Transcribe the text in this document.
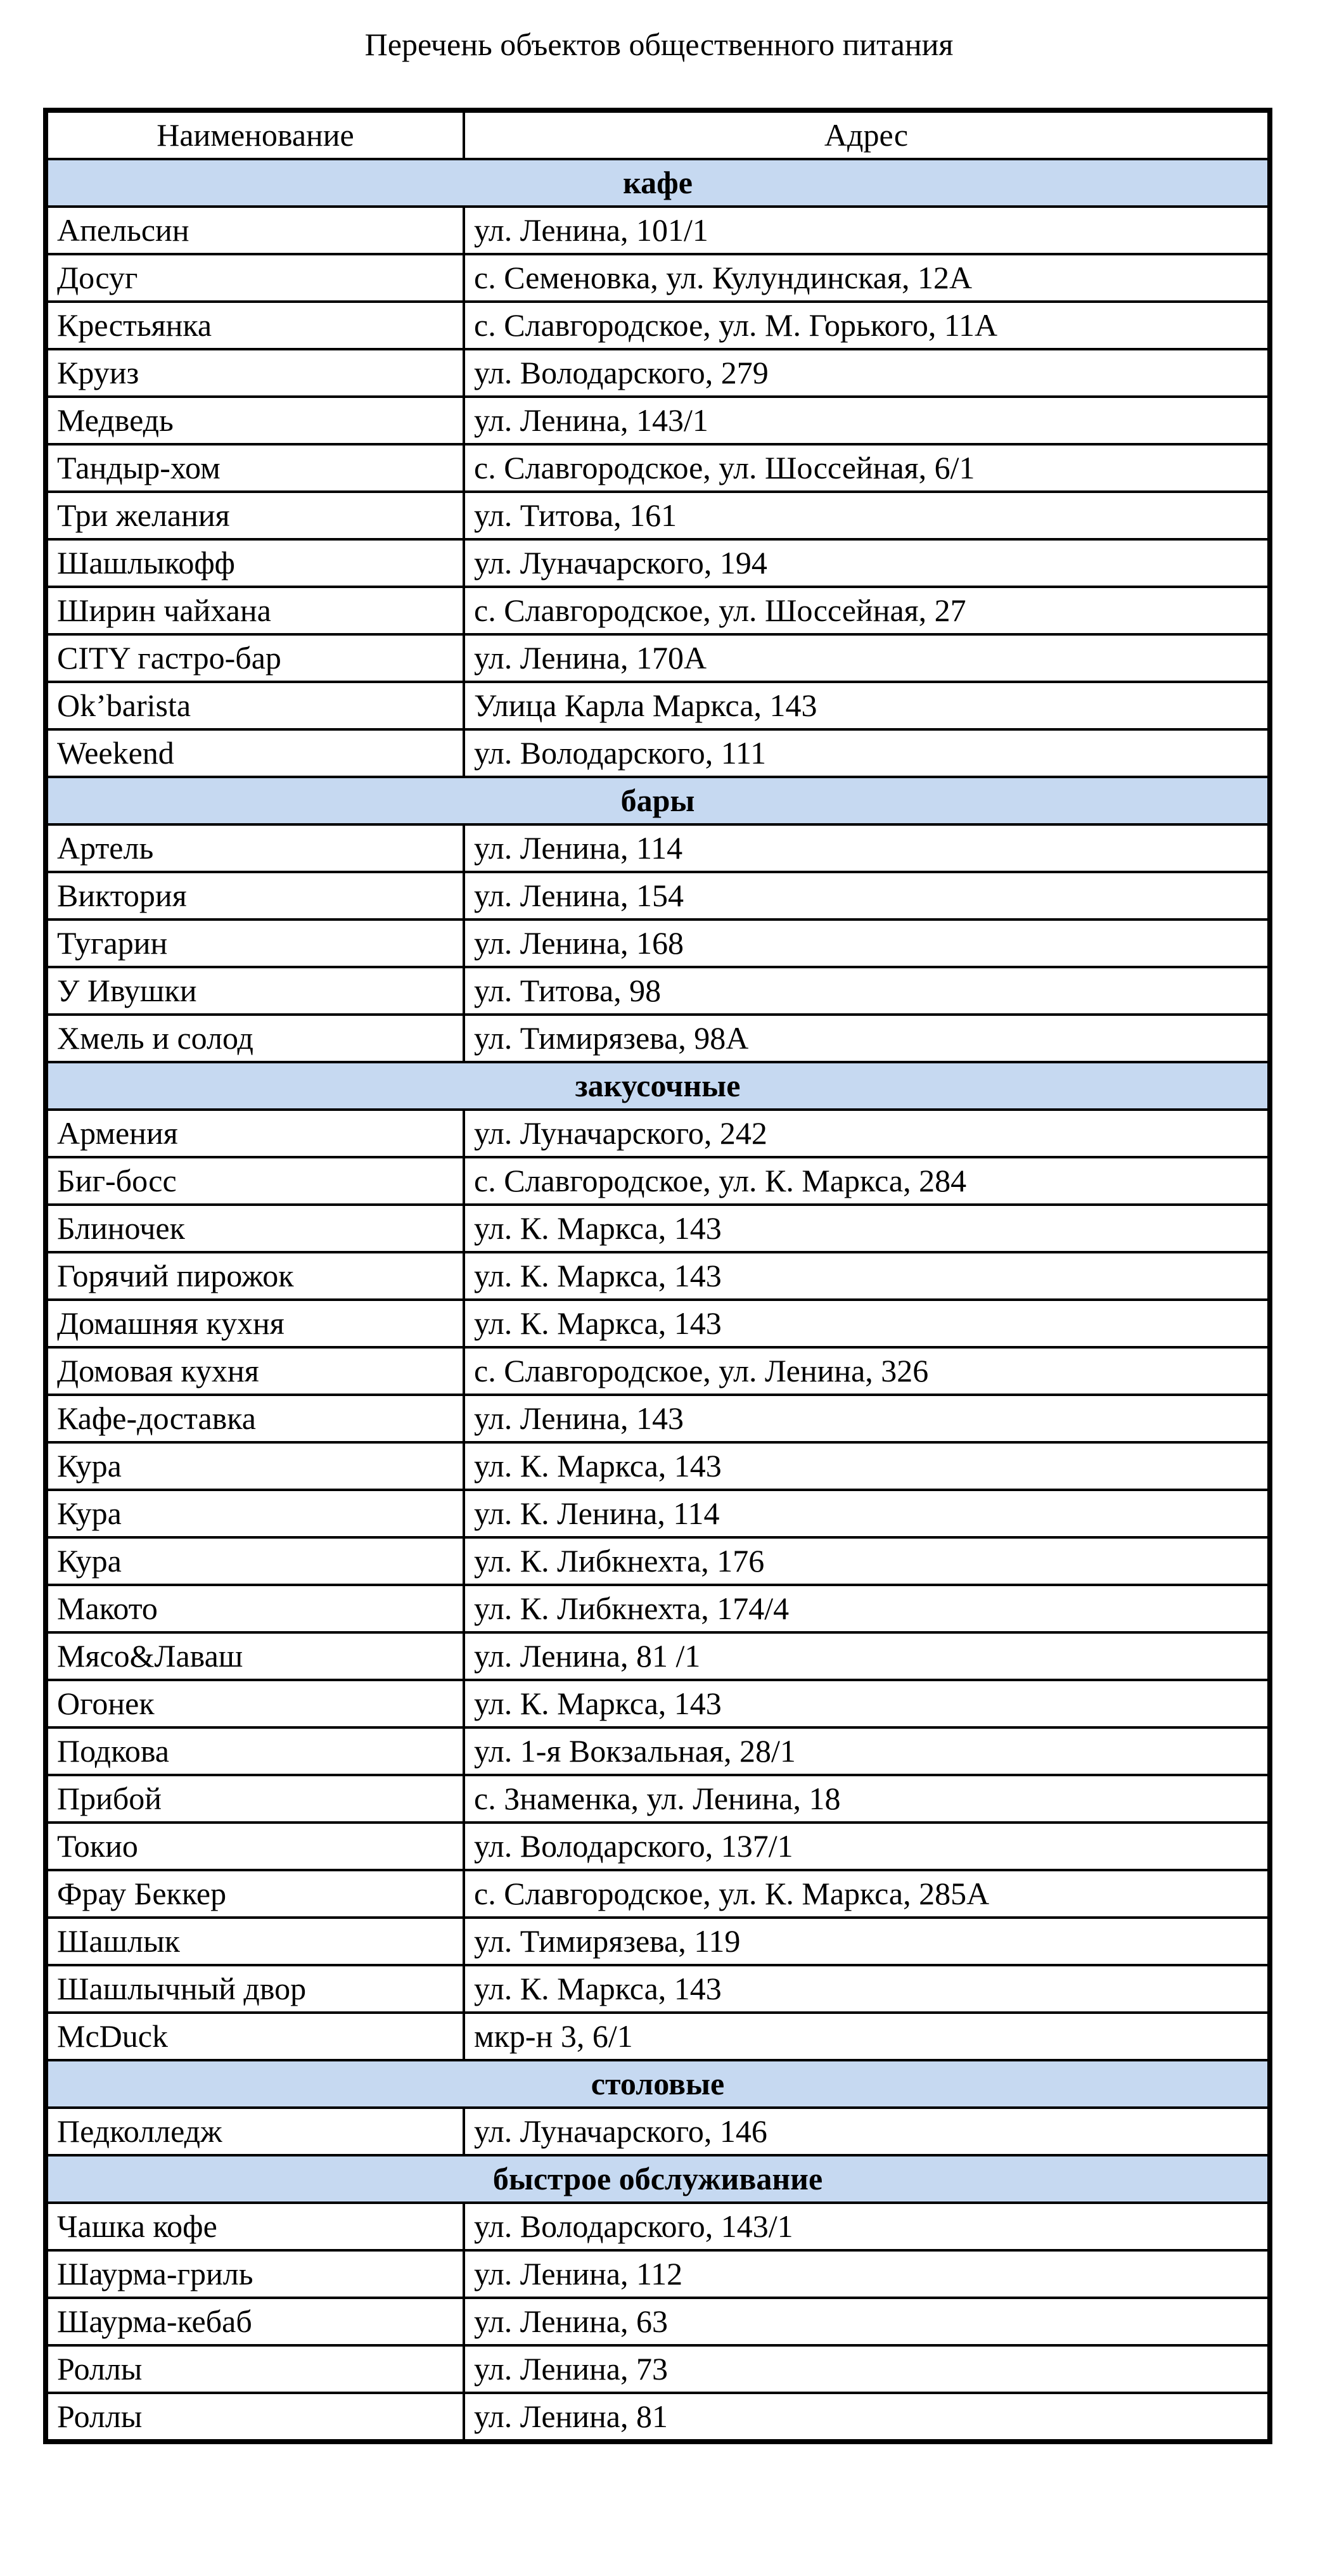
Перечень объектов общественного питания
Наименование	Адрес
кафе	
Апельсин	ул. Ленина, 101/1
Досуг	с. Семеновка, ул. Кулундинская, 12А
Крестьянка	с. Славгородское, ул. М. Горького, 11А
Круиз	ул. Володарского, 279
Медведь	ул. Ленина, 143/1
Тандыр-хом	с. Славгородское, ул. Шоссейная, 6/1
Три желания	ул. Титова, 161
Шашлыкофф	ул. Луначарского, 194
Ширин чайхана	с. Славгородское, ул. Шоссейная, 27
CITY гастро-бар	ул. Ленина, 170А
Ok’barista	Улица Карла Маркса, 143
Weekend	ул. Володарского, 111
бары	
Артель	ул. Ленина, 114
Виктория	ул. Ленина, 154
Тугарин	ул. Ленина, 168
У Ивушки	ул. Титова, 98
Хмель и солод	ул. Тимирязева, 98А
закусочные	
Армения	ул. Луначарского, 242
Биг-босс	с. Славгородское, ул. К. Маркса, 284
Блиночек	ул. К. Маркса, 143
Горячий пирожок	ул. К. Маркса, 143
Домашняя кухня	ул. К. Маркса, 143
Домовая кухня	с. Славгородское, ул. Ленина, 326
Кафе-доставка	ул. Ленина, 143
Кура	ул. К. Маркса, 143
Кура	ул. К. Ленина, 114
Кура	ул. К. Либкнехта, 176
Макото	ул. К. Либкнехта, 174/4
Мясо&Лаваш	ул. Ленина, 81 /1
Огонек	ул. К. Маркса, 143
Подкова	ул. 1-я Вокзальная, 28/1
Прибой	с. Знаменка, ул. Ленина, 18
Токио	ул. Володарского, 137/1
Фрау Беккер	с. Славгородское, ул. К. Маркса, 285А
Шашлык	ул. Тимирязева, 119
Шашлычный двор	ул. К. Маркса, 143
McDuck	мкр-н 3, 6/1
столовые	
Педколледж	ул. Луначарского, 146
быстрое обслуживание	
Чашка кофе	ул. Володарского, 143/1
Шаурма-гриль	ул. Ленина, 112
Шаурма-кебаб	ул. Ленина, 63
Роллы	ул. Ленина, 73
Роллы	ул. Ленина, 81
